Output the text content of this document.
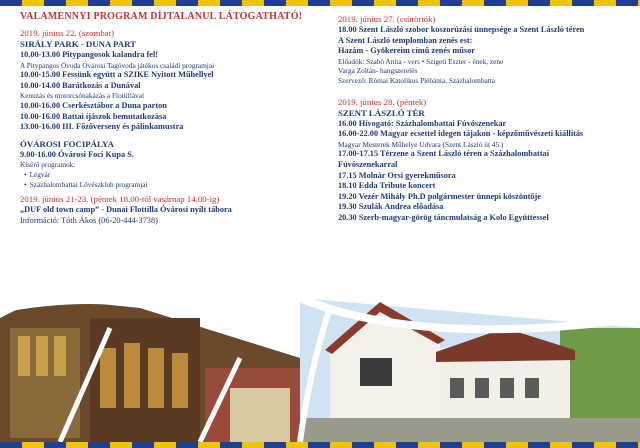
VALAMENNYI PROGRAM DÍJTALANUL LÁTOGATHATÓ!
2019. június 22. (szombat)
SIRÁLY PARK - DUNA PART
10.00-13.00 Pitypangosok kalandra fel!
A Pitypangos Óvoda Óvárosi Tagóvoda játékos családi programjai
10.00-15.00 Fessünk együtt a SZIKE Nyitott Műhellyel
10.00-14.00 Barátkozás a Dunával
Kenuzás és motorcsónakázás a Flottillával
10.00-16.00 Cserkésztábor a Duna parton
10.00-16.00 Battai íjászok bemutatkozása
13.00-16.00 III. Főzőverseny és pálinkamustra
ÓVÁROSI FOCIPÁLYA
9.00-16.00 Óvárosi Foci Kupa S.
Kísérő programok:
• Légvár
• Százhalombattai Lövészklub programjai
2019. június 21-23. (péntek 18.00-tól vasárnap 14.00-ig)
„DUF old town camp” - Dunai Flottilla Óvárosi nyílt tábora
Információ: Tóth Ákos (06-20-444-3738)
2019. június 27. (csütörtök)
18.00 Szent László szobor koszorúzási ünnepsége a Szent László téren
A Szent László templomban zenés est:
Hazám - Gyökereim című zenés műsor
Előadók: Szabó Anita - vers • Szigeti Eszter - ének, zene
Varga Zoltán- hangszerelés
Szervező: Római Katolikus Plébánia, Százhalombatta
2019. június 28. (péntek)
SZENT LÁSZLÓ TÉR
16.00 Hívogató: Százhalombattai Fúvószenekar
16.00-22.00 Magyar ecsettel idegen tájakon - képzőművészeti kiállítás
Magyar Mesterek Műhelye Udvara (Szent László út 45.)
17.00-17.15 Térzene a Szent László téren a Százhalombattai
Fúvószenekarral
17.15 Molnár Orsi gyerekműsora
18.10 Edda Tribute koncert
19.20 Vezér Mihály Ph.D polgármester ünnepi köszöntője
19.30 Szulák Andrea előadása
20.30 Szerb-magyar-görög táncmulatság a Kolo Együttessel
